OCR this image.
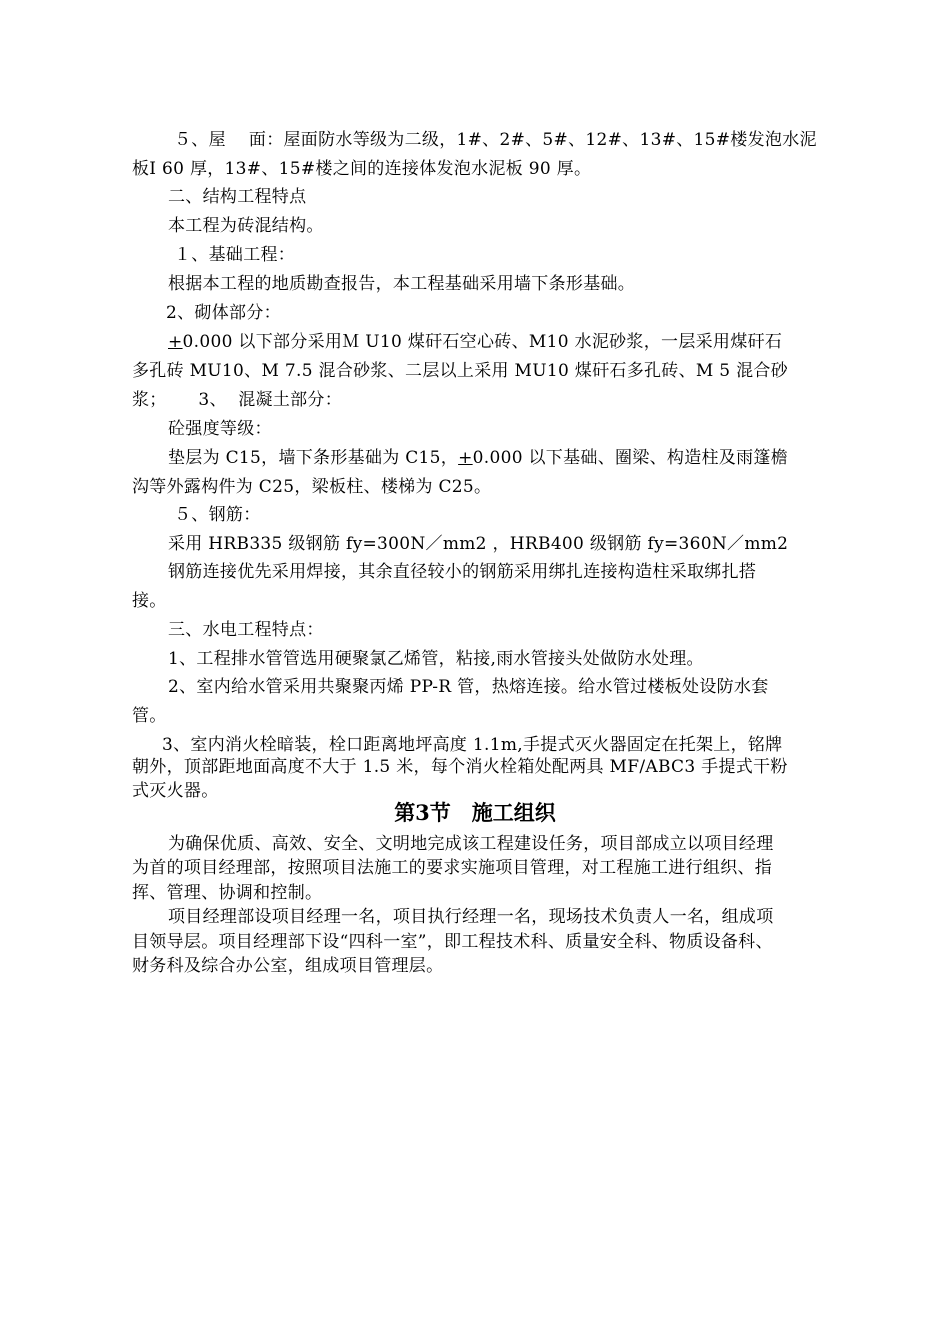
５、屋　 面：屋面防水等级为二级，1#、2#、5#、12#、13#、15#楼发泡水泥
板Ⅰ 60 厚，13#、15#楼之间的连接体发泡水泥板 90 厚。
二、结构工程特点
本工程为砖混结构。
１、基础工程：
根据本工程的地质勘查报告，本工程基础采用墙下条形基础。
2、砌体部分：
+0.000 以下部分采用Ｍ U10 煤矸石空心砖、M10 水泥砂浆，一层采用煤矸石
多孔砖 MU10、M 7.5 混合砂浆、二层以上采用 MU10 煤矸石多孔砖、M 5 混合砂
浆；　　 3、  混凝土部分：
砼强度等级：
垫层为 C15，墙下条形基础为 C15，+0.000 以下基础、圈梁、构造柱及雨篷檐
沟等外露构件为 C25，梁板柱、楼梯为 C25。
５、钢筋：
采用 HRB335 级钢筋 fy=300N／mm2 ，HRB400 级钢筋 fy=360N／mm2
钢筋连接优先采用焊接，其余直径较小的钢筋采用绑扎连接构造柱采取绑扎搭
接。
三、水电工程特点：
1、工程排水管管选用硬聚氯乙烯管，粘接,雨水管接头处做防水处理。
2、室内给水管采用共聚聚丙烯 PP-R 管，热熔连接。给水管过楼板处设防水套
管。
3、室内消火栓暗装，栓口距离地坪高度 1.1m,手提式灭火器固定在托架上，铭牌
朝外，顶部距地面高度不大于 1.5 米，每个消火栓箱处配两具 MF/ABC3 手提式干粉
式灭火器。
第3节　施工组织
为确保优质、高效、安全、文明地完成该工程建设任务，项目部成立以项目经理
为首的项目经理部，按照项目法施工的要求实施项目管理，对工程施工进行组织、指
挥、管理、协调和控制。
项目经理部设项目经理一名，项目执行经理一名，现场技术负责人一名，组成项
目领导层。项目经理部下设“四科一室”，即工程技术科、质量安全科、物质设备科、
财务科及综合办公室，组成项目管理层。
